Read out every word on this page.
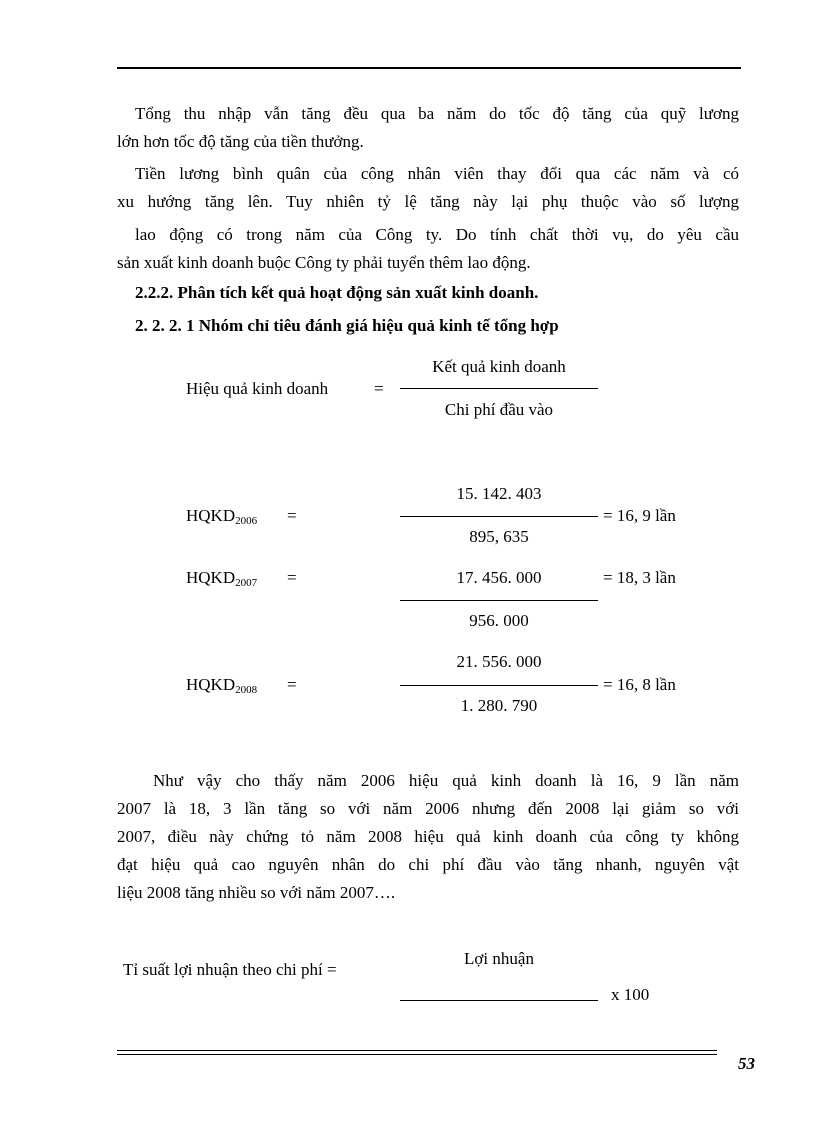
Tổng thu nhập vẫn tăng đều qua ba năm do tốc độ tăng của quỹ lương
lớn hơn tốc độ tăng của tiền thưởng.
Tiền lương bình quân của công nhân viên thay đổi qua các năm và có
xu hướng tăng lên. Tuy nhiên tỷ lệ tăng này lại phụ thuộc vào số lượng
lao động có trong năm của Công ty. Do tính chất thời vụ, do yêu cầu
sản xuất kinh doanh buộc Công ty phải tuyển thêm lao động.
2.2.2. Phân tích kết quả hoạt động sản xuất kinh doanh.
2. 2. 2. 1 Nhóm chỉ tiêu đánh giá hiệu quả kinh tế tổng hợp
Hiệu quả kinh doanh	=
Kết quả kinh doanh
Chi phí đầu vào
$HQKD_{2006}$ =
15. 142. 403
895, 635
= 16, 9 lần
$HQKD_{2007}$ =	17. 456. 000
956. 000
= 18, 3 lần
$HQKD_{2008}$ =
21. 556. 000
1. 280. 790
= 16, 8 lần
Như vậy cho thấy năm 2006 hiệu quả kinh doanh là 16, 9 lần năm
2007 là 18, 3 lần tăng so với năm 2006 nhưng đến 2008 lại giảm so với
2007, điều này chứng tỏ năm 2008 hiệu quả kinh doanh của công ty không
đạt hiệu quả cao nguyên nhân do chi phí đầu vào tăng nhanh, nguyên vật
liệu 2008 tăng nhiều so với năm 2007….
Tỉ suất lợi nhuận theo chi phí =
Lợi nhuận
x 100
53
